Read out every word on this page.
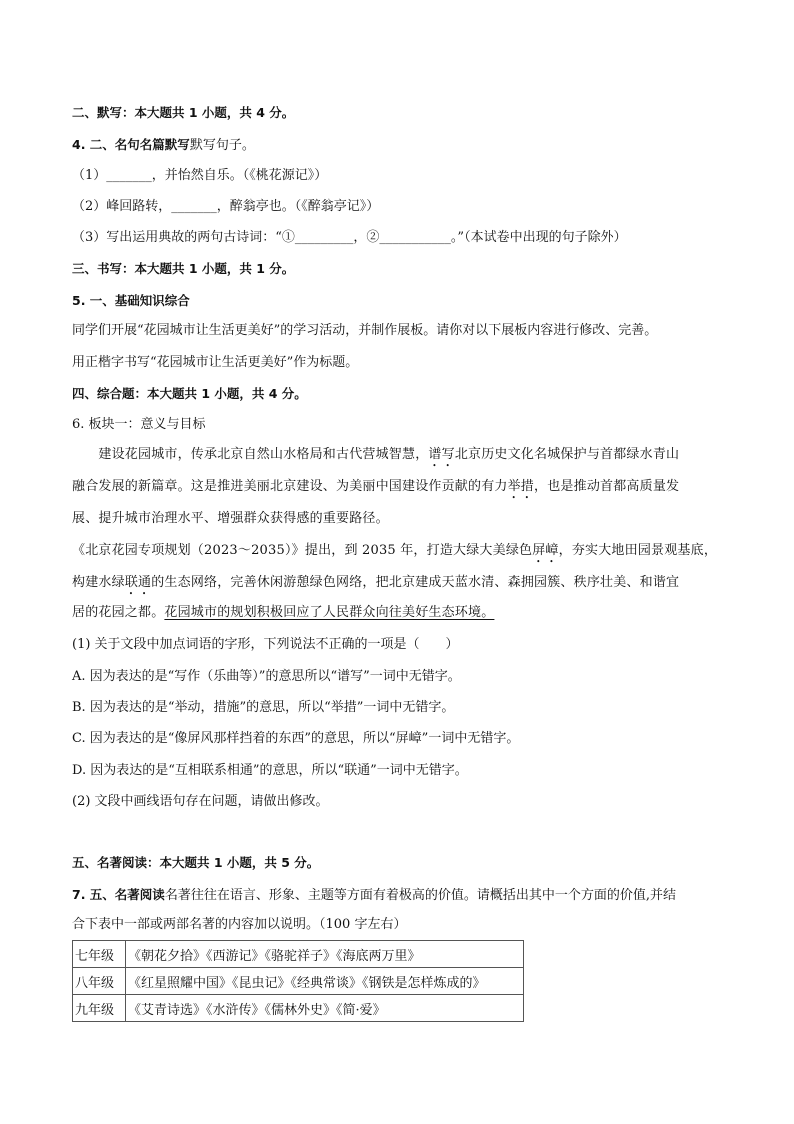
二、默写：本大题共 1 小题，共 4 分。
4. 二、名句名篇默写默写句子。
（1）_______，并怡然自乐。（《桃花源记》）
（2）峰回路转，_______，醉翁亭也。（《醉翁亭记》）
（3）写出运用典故的两句古诗词：“①_________，②___________。”（本试卷中出现的句子除外）
三、书写：本大题共 1 小题，共 1 分。
5. 一、基础知识综合
同学们开展“花园城市让生活更美好”的学习活动，并制作展板。请你对以下展板内容进行修改、完善。
用正楷字书写“花园城市让生活更美好”作为标题。
四、综合题：本大题共 1 小题，共 4 分。
6. 板块一：意义与目标
　　建设花园城市，传承北京自然山水格局和古代营城智慧，谱写北京历史文化名城保护与首都绿水青山
融合发展的新篇章。这是推进美丽北京建设、为美丽中国建设作贡献的有力举措，也是推动首都高质量发
展、提升城市治理水平、增强群众获得感的重要路径。
《北京花园专项规划（2023～2035）》提出，到 2035 年，打造大绿大美绿色屏嶂，夯实大地田园景观基底，
构建水绿联通的生态网络，完善休闲游憩绿色网络，把北京建成天蓝水清、森拥园簇、秩序壮美、和谐宜
居的花园之都。花园城市的规划积极回应了人民群众向往美好生态环境。
(1) 关于文段中加点词语的字形，下列说法不正确的一项是（　　）
A. 因为表达的是“写作（乐曲等）”的意思所以“谱写”一词中无错字。
B. 因为表达的是“举动，措施”的意思，所以“举措”一词中无错字。
C. 因为表达的是“像屏风那样挡着的东西”的意思，所以“屏嶂”一词中无错字。
D. 因为表达的是“互相联系相通”的意思，所以“联通”一词中无错字。
(2) 文段中画线语句存在问题，请做出修改。
五、名著阅读：本大题共 1 小题，共 5 分。
7. 五、名著阅读名著往往在语言、形象、主题等方面有着极高的价值。请概括出其中一个方面的价值,并结
合下表中一部或两部名著的内容加以说明。（100 字左右）
七年级	《朝花夕拾》《西游记》《骆驼祥子》《海底两万里》
八年级	《红星照耀中国》《昆虫记》《经典常谈》《钢铁是怎样炼成的》
九年级	《艾青诗选》《水浒传》《儒林外史》《简·爱》
